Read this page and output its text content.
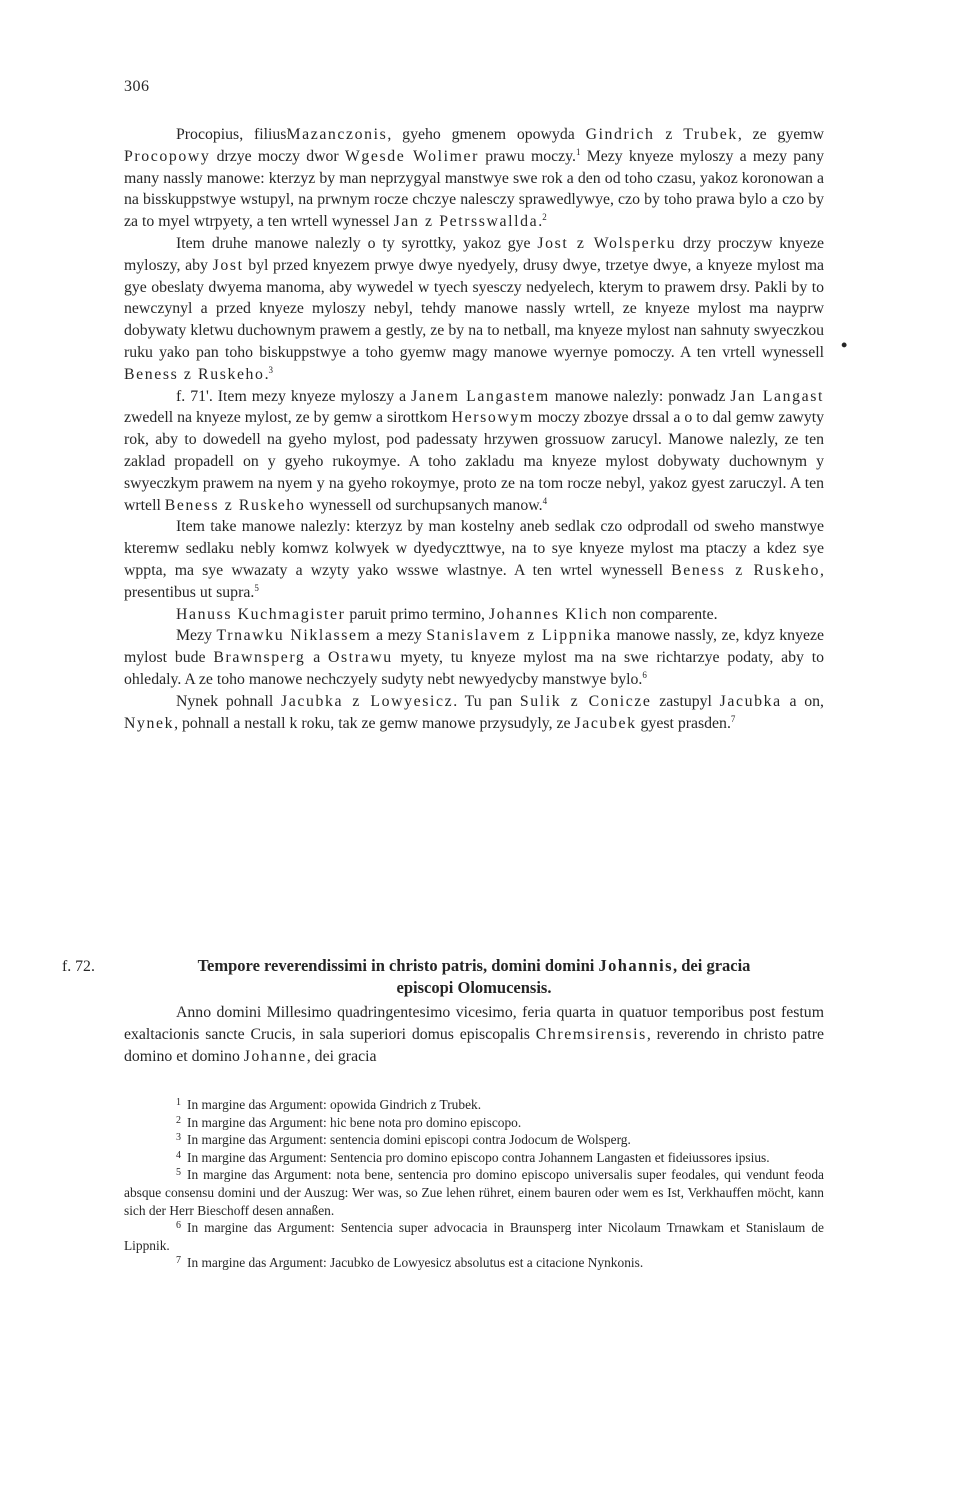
306
•

Procopius, filiusMazanczonis, gyeho gmenem opowyda Gindrich z Trubek, ze gyemw Procopowy drzye moczy dwor Wgesde Wolimer prawu moczy.$^1$ Mezy knyeze myloszy a mezy pany many nassly manowe: kterzyz by man neprzygyal manstwye swe rok a den od toho czasu, yakoz koronowan a na bisskuppstwye wstupyl, na prwnym rocze chczye nalesczy sprawedlywye, czo by toho prawa bylo a czo by za to myel wtrpyety, a ten wrtell wynessel Jan z Petrsswallda.$^2$

Item druhe manowe nalezly o ty syrottky, yakoz gye Jost z Wolsperku drzy proczyw knyeze myloszy, aby Jost byl przed knyezem prwye dwye nyedyely, drusy dwye, trzetye dwye, a knyeze mylost ma gye obeslaty dwyema manoma, aby wywedel w tyech syesczy nedyelech, kterym to prawem drsy. Pakli by to newczynyl a przed knyeze myloszy nebyl, tehdy manowe nassly wrtell, ze knyeze mylost ma nayprw dobywaty kletwu duchownym prawem a gestly, ze by na to netball, ma knyeze mylost nan sahnuty swyeczkou ruku yako pan toho biskuppstwye a toho gyemw magy manowe wyernye pomoczy. A ten vrtell wynessell Beness z Ruskeho.$^3$

f. 71'. Item mezy knyeze myloszy a Janem Langastem manowe nalezly: ponwadz Jan Langast zwedell na knyeze mylost, ze by gemw a sirottkom Hersowym moczy zbozye drssal a o to dal gemw zawyty rok, aby to dowedell na gyeho mylost, pod padessaty hrzywen grossuow zarucyl. Manowe nalezly, ze ten zaklad propadell on y gyeho rukoymye. A toho zakladu ma knyeze mylost dobywaty duchownym y swyeczkym prawem na nyem y na gyeho rokoymye, proto ze na tom rocze nebyl, yakoz gyest zaruczyl. A ten wrtell Beness z Ruskeho wynessell od surchupsanych manow.$^4$

Item take manowe nalezly: kterzyz by man kostelny aneb sedlak czo odprodall od sweho manstwye kteremw sedlaku nebly komwz kolwyek w dyedyczttwye, na to sye knyeze mylost ma ptaczy a kdez sye wppta, ma sye wwazaty a wzyty yako wsswe wlastnye. A ten wrtel wynessell Beness z Ruskeho, presentibus ut supra.$^5$

Hanuss Kuchmagister paruit primo termino, Johannes Klich non comparente.

Mezy Trnawku Niklassem a mezy Stanislavem z Lippnika manowe nassly, ze, kdyz knyeze mylost bude Brawnsperg a Ostrawu myety, tu knyeze mylost ma na swe richtarzye podaty, aby to ohledaly. A ze toho manowe nechczyely sudyty nebt newyedycby manstwye bylo.$^6$

Nynek pohnall Jacubka z Lowyesicz. Tu pan Sulik z Conicze zastupyl Jacubka a on, Nynek, pohnall a nestall k roku, tak ze gemw manowe przysudyly, ze Jacubek gyest prasden.$^7$

f. 72.	Tempore reverendissimi in christo patris, domini domini Johannis, dei gracia
episcopi Olomucensis.

Anno domini Millesimo quadringentesimo vicesimo, feria quarta in quatuor temporibus post festum exaltacionis sancte Crucis, in sala superiori domus episcopalis Chremsirensis, reverendo in christo patre domino et domino Johanne, dei gracia

$^1$ In margine das Argument: opowida Gindrich z Trubek.

$^2$ In margine das Argument: hic bene nota pro domino episcopo.

$^3$ In margine das Argument: sentencia domini episcopi contra Jodocum de Wolsperg.

$^4$ In margine das Argument: Sentencia pro domino episcopo contra Johannem Langasten et fideiussores ipsius.

$^5$ In margine das Argument: nota bene, sentencia pro domino episcopo universalis super feodales, qui vendunt feoda absque consensu domini und der Auszug: Wer was, so Zue lehen rühret, einem bauren oder wem es Ist, Verkhauffen möcht, kann sich der Herr Bieschoff desen annaßen.

$^6$ In margine das Argument: Sentencia super advocacia in Braunsperg inter Nicolaum Trnawkam et Stanislaum de Lippnik.

$^7$ In margine das Argument: Jacubko de Lowyesicz absolutus est a citacione Nynkonis.
